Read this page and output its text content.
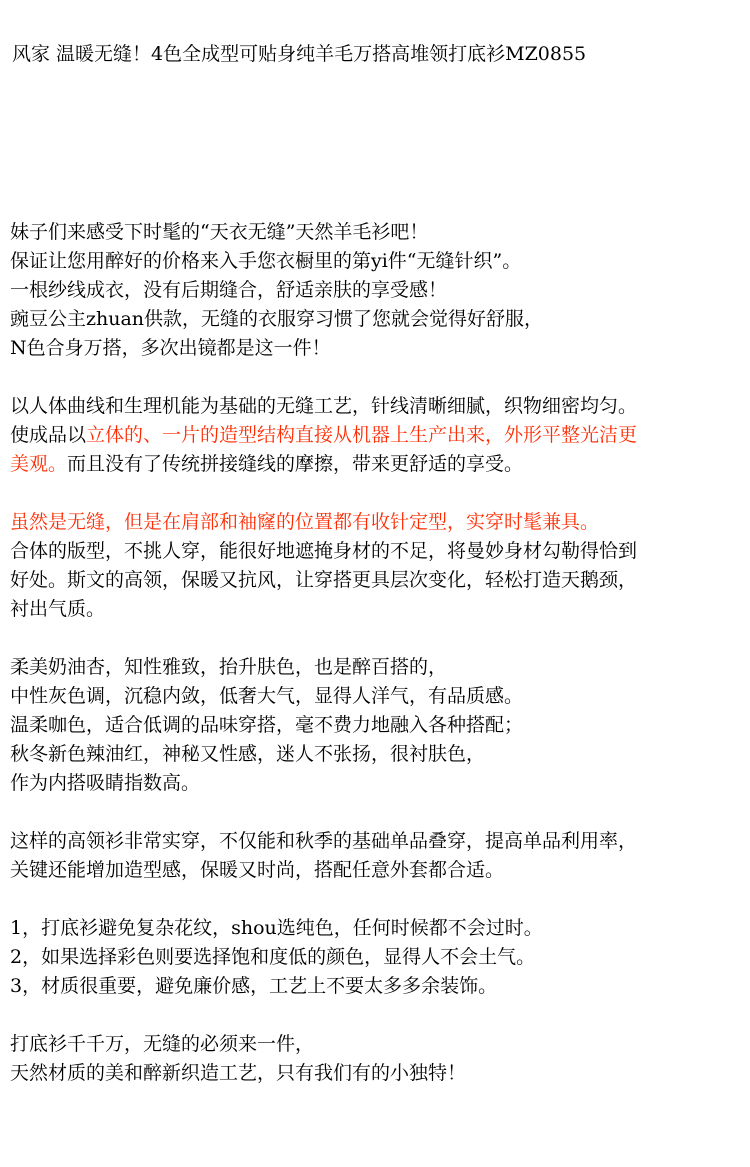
风家 温暖无缝！4色全成型可贴身纯羊毛万搭高堆领打底衫MZ0855
妹子们来感受下时髦的“天衣无缝”天然羊毛衫吧！
保证让您用醉好的价格来入手您衣橱里的第yi件“无缝针织”。
一根纱线成衣，没有后期缝合，舒适亲肤的享受感！
豌豆公主zhuan供款，无缝的衣服穿习惯了您就会觉得好舒服，
N色合身万搭，多次出镜都是这一件！
以人体曲线和生理机能为基础的无缝工艺，针线清晰细腻，织物细密均匀。
使成品以立体的、一片的造型结构直接从机器上生产出来，外形平整光洁更
美观。而且没有了传统拼接缝线的摩擦，带来更舒适的享受。
虽然是无缝，但是在肩部和袖窿的位置都有收针定型，实穿时髦兼具。
合体的版型，不挑人穿，能很好地遮掩身材的不足，将曼妙身材勾勒得恰到
好处。斯文的高领，保暖又抗风，让穿搭更具层次变化，轻松打造天鹅颈，
衬出气质。
柔美奶油杏，知性雅致，抬升肤色，也是醉百搭的，
中性灰色调，沉稳内敛，低奢大气，显得人洋气，有品质感。
温柔咖色，适合低调的品味穿搭，毫不费力地融入各种搭配；
秋冬新色辣油红，神秘又性感，迷人不张扬，很衬肤色，
作为内搭吸睛指数高。
这样的高领衫非常实穿，不仅能和秋季的基础单品叠穿，提高单品利用率，
关键还能增加造型感，保暖又时尚，搭配任意外套都合适。
1，打底衫避免复杂花纹，shou选纯色，任何时候都不会过时。
2，如果选择彩色则要选择饱和度低的颜色，显得人不会土气。
3，材质很重要，避免廉价感，工艺上不要太多多余装饰。
打底衫千千万，无缝的必须来一件，
天然材质的美和醉新织造工艺，只有我们有的小独特！
